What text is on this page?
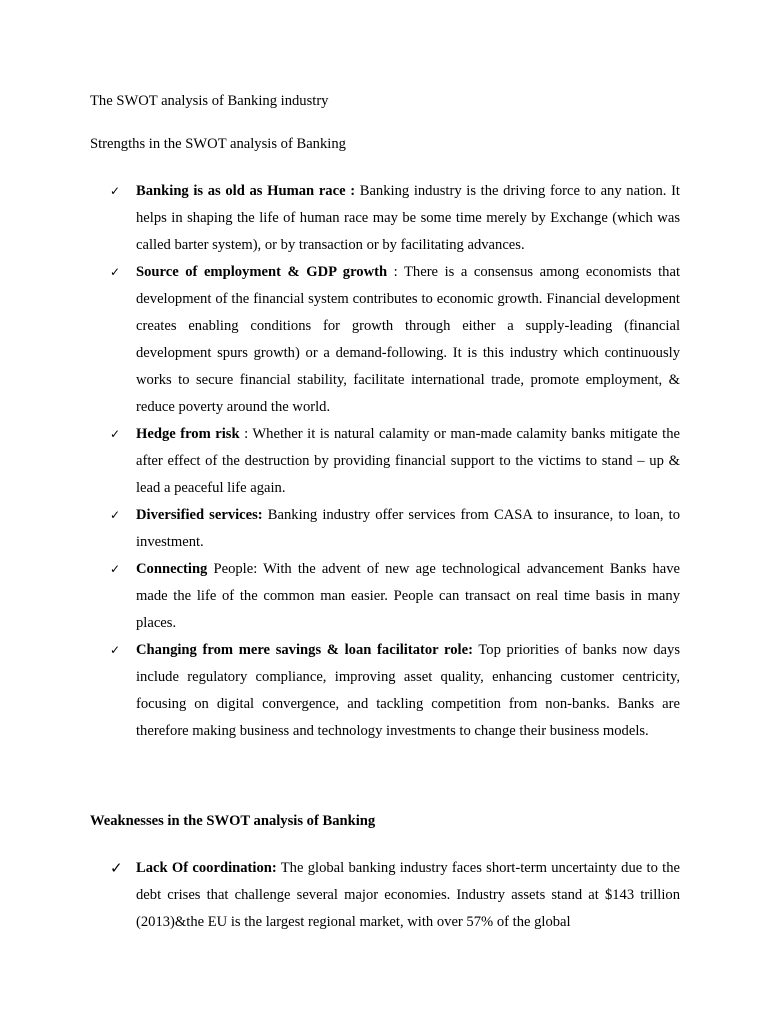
The SWOT analysis of Banking industry
Strengths in the SWOT analysis of Banking
✓ Banking is as old as Human race : Banking industry is the driving force to any nation. It helps in shaping the life of human race may be some time merely by Exchange (which was called barter system), or by transaction or by facilitating advances.
✓ Source of employment & GDP growth : There is a consensus among economists that development of the financial system contributes to economic growth. Financial development creates enabling conditions for growth through either a supply-leading (financial development spurs growth) or a demand-following. It is this industry which continuously works to secure financial stability, facilitate international trade, promote employment, & reduce poverty around the world.
✓ Hedge from risk : Whether it is natural calamity or man-made calamity banks mitigate the after effect of the destruction by providing financial support to the victims to stand – up & lead a peaceful life again.
✓ Diversified services: Banking industry offer services from CASA to insurance, to loan, to investment.
✓ Connecting People: With the advent of new age technological advancement Banks have made the life of the common man easier. People can transact on real time basis in many places.
✓ Changing from mere savings & loan facilitator role: Top priorities of banks now days include regulatory compliance, improving asset quality, enhancing customer centricity, focusing on digital convergence, and tackling competition from non-banks. Banks are therefore making business and technology investments to change their business models.
Weaknesses in the SWOT analysis of Banking
✓ Lack Of coordination: The global banking industry faces short-term uncertainty due to the debt crises that challenge several major economies. Industry assets stand at $143 trillion (2013)&the EU is the largest regional market, with over 57% of the global
